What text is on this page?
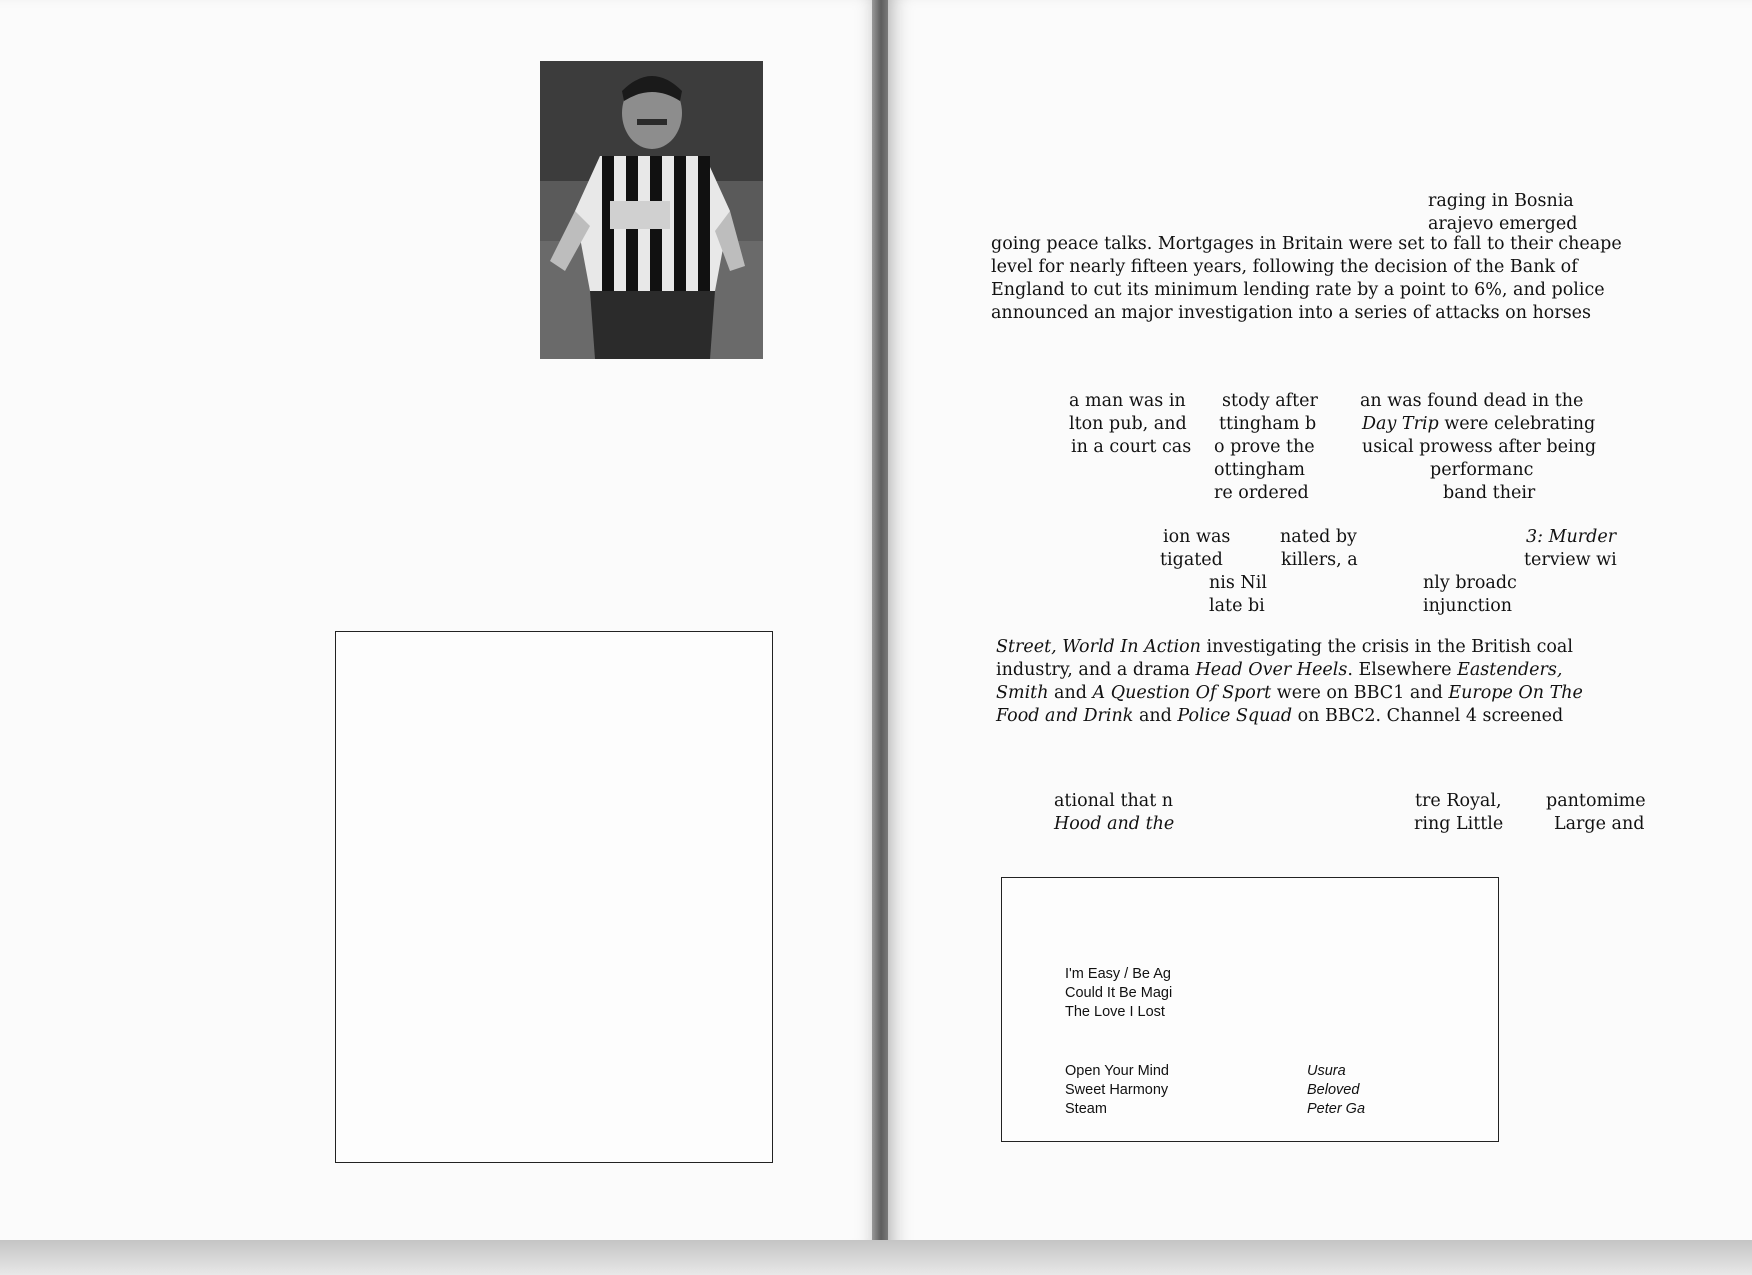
raging in Bosnia
arajevo emerged
going peace talks. Mortgages in Britain were set to fall to their cheape
level for nearly fifteen years, following the decision of the Bank of
England to cut its minimum lending rate by a point to 6%, and police
announced an major investigation into a series of attacks on horses
a man was in
lton pub, and
in a court cas
stody after
ttingham b
o prove the
ottingham
re ordered
an was found dead in the
Day Trip were celebrating
usical prowess after being
performanc
band their
ion was
tigated
nis Nil
late bi
nated by
killers, a
nly broadc
injunction
3: Murder
terview wi
Street, World In Action investigating the crisis in the British coal
industry, and a drama Head Over Heels. Elsewhere Eastenders,
Smith and A Question Of Sport were on BBC1 and Europe On The
Food and Drink and Police Squad on BBC2. Channel 4 screened
ational that n
Hood and the
tre Royal,
ring Little
pantomime
Large and
I'm Easy / Be Ag
Could It Be Magi
The Love I Lost
Open Your Mind
Sweet Harmony
Steam
Usura
Beloved
Peter Ga
